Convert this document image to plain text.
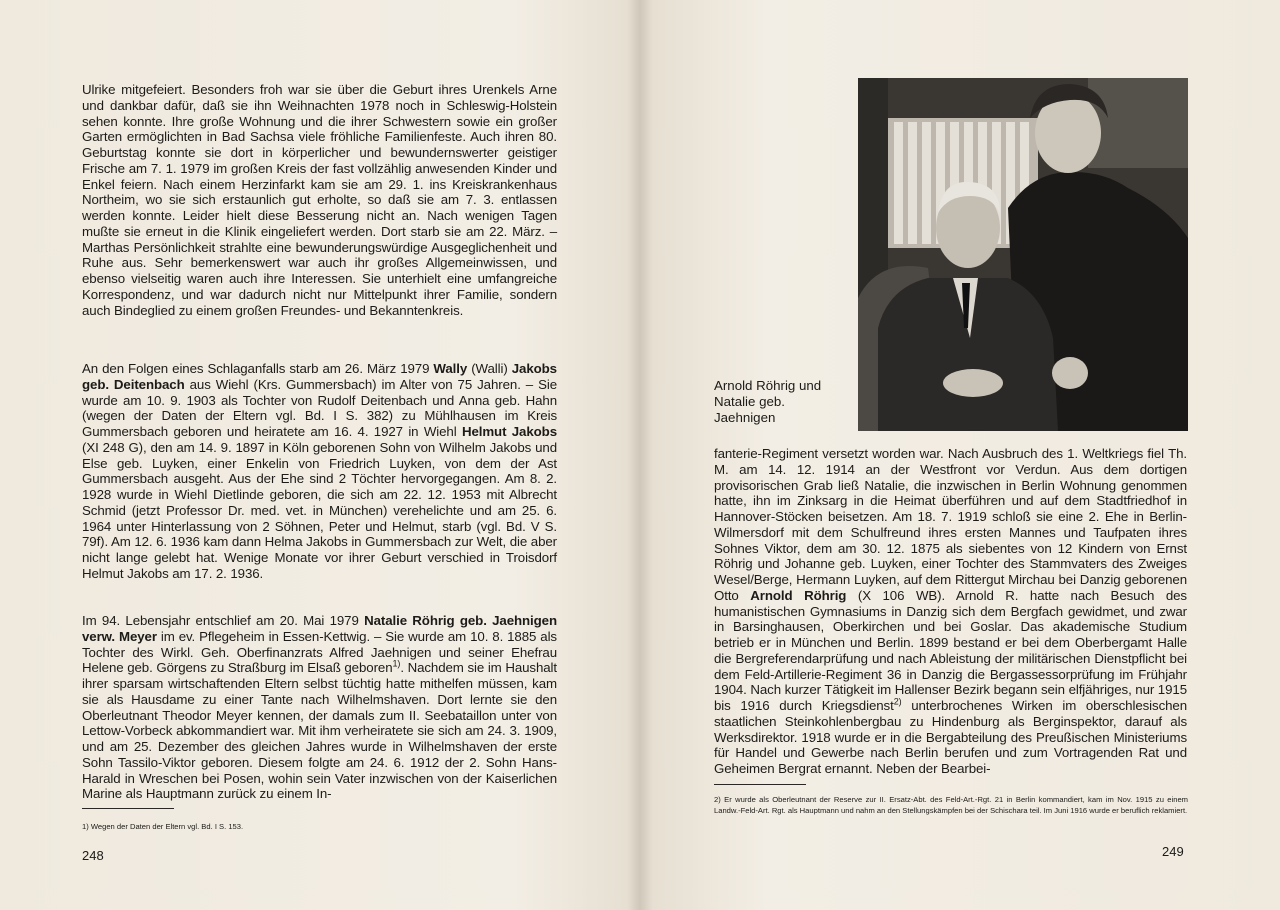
Ulrike mitgefeiert. Besonders froh war sie über die Geburt ihres Urenkels Arne und dankbar dafür, daß sie ihn Weihnachten 1978 noch in Schleswig-Holstein sehen konnte. Ihre große Wohnung und die ihrer Schwestern sowie ein großer Garten ermöglichten in Bad Sachsa viele fröhliche Familienfeste. Auch ihren 80. Geburtstag konnte sie dort in körperlicher und bewundernswerter geistiger Frische am 7. 1. 1979 im großen Kreis der fast vollzählig anwesenden Kinder und Enkel feiern. Nach einem Herzinfarkt kam sie am 29. 1. ins Kreiskrankenhaus Northeim, wo sie sich erstaunlich gut erholte, so daß sie am 7. 3. entlassen werden konnte. Leider hielt diese Besserung nicht an. Nach wenigen Tagen mußte sie erneut in die Klinik eingeliefert werden. Dort starb sie am 22. März. – Marthas Persönlichkeit strahlte eine bewunderungswürdige Ausgeglichenheit und Ruhe aus. Sehr bemerkenswert war auch ihr großes Allgemeinwissen, und ebenso vielseitig waren auch ihre Interessen. Sie unterhielt eine umfangreiche Korrespondenz, und war dadurch nicht nur Mittelpunkt ihrer Familie, sondern auch Bindeglied zu einem großen Freundes- und Bekanntenkreis.

An den Folgen eines Schlaganfalls starb am 26. März 1979 Wally (Walli) Jakobs geb. Deitenbach aus Wiehl (Krs. Gummersbach) im Alter von 75 Jahren. – Sie wurde am 10. 9. 1903 als Tochter von Rudolf Deitenbach und Anna geb. Hahn (wegen der Daten der Eltern vgl. Bd. I S. 382) zu Mühlhausen im Kreis Gummersbach geboren und heiratete am 16. 4. 1927 in Wiehl Helmut Jakobs (XI 248 G), den am 14. 9. 1897 in Köln geborenen Sohn von Wilhelm Jakobs und Else geb. Luyken, einer Enkelin von Friedrich Luyken, von dem der Ast Gummersbach ausgeht. Aus der Ehe sind 2 Töchter hervorgegangen. Am 8. 2. 1928 wurde in Wiehl Dietlinde geboren, die sich am 22. 12. 1953 mit Albrecht Schmid (jetzt Professor Dr. med. vet. in München) verehelichte und am 25. 6. 1964 unter Hinterlassung von 2 Söhnen, Peter und Helmut, starb (vgl. Bd. V S. 79f). Am 12. 6. 1936 kam dann Helma Jakobs in Gummersbach zur Welt, die aber nicht lange gelebt hat. Wenige Monate vor ihrer Geburt verschied in Troisdorf Helmut Jakobs am 17. 2. 1936.

Im 94. Lebensjahr entschlief am 20. Mai 1979 Natalie Röhrig geb. Jaehnigen verw. Meyer im ev. Pflegeheim in Essen-Kettwig. – Sie wurde am 10. 8. 1885 als Tochter des Wirkl. Geh. Oberfinanzrats Alfred Jaehnigen und seiner Ehefrau Helene geb. Görgens zu Straßburg im Elsaß geboren$^{1)}$. Nachdem sie im Haushalt ihrer sparsam wirtschaftenden Eltern selbst tüchtig hatte mithelfen müssen, kam sie als Hausdame zu einer Tante nach Wilhelmshaven. Dort lernte sie den Oberleutnant Theodor Meyer kennen, der damals zum II. Seebataillon unter von Lettow-Vorbeck abkommandiert war. Mit ihm verheiratete sie sich am 24. 3. 1909, und am 25. Dezember des gleichen Jahres wurde in Wilhelmshaven der erste Sohn Tassilo-Viktor geboren. Diesem folgte am 24. 6. 1912 der 2. Sohn Hans-Harald in Wreschen bei Posen, wohin sein Vater inzwischen von der Kaiserlichen Marine als Hauptmann zurück zu einem In-

1) Wegen der Daten der Eltern vgl. Bd. I S. 153.
248

Arnold Röhrig und Natalie geb. Jaehnigen

fanterie-Regiment versetzt worden war. Nach Ausbruch des 1. Weltkriegs fiel Th. M. am 14. 12. 1914 an der Westfront vor Verdun. Aus dem dortigen provisorischen Grab ließ Natalie, die inzwischen in Berlin Wohnung genommen hatte, ihn im Zinksarg in die Heimat überführen und auf dem Stadtfriedhof in Hannover-Stöcken beisetzen. Am 18. 7. 1919 schloß sie eine 2. Ehe in Berlin-Wilmersdorf mit dem Schulfreund ihres ersten Mannes und Taufpaten ihres Sohnes Viktor, dem am 30. 12. 1875 als siebentes von 12 Kindern von Ernst Röhrig und Johanne geb. Luyken, einer Tochter des Stammvaters des Zweiges Wesel/Berge, Hermann Luyken, auf dem Rittergut Mirchau bei Danzig geborenen Otto Arnold Röhrig (X 106 WB). Arnold R. hatte nach Besuch des humanistischen Gymnasiums in Danzig sich dem Bergfach gewidmet, und zwar in Barsinghausen, Oberkirchen und bei Goslar. Das akademische Studium betrieb er in München und Berlin. 1899 bestand er bei dem Oberbergamt Halle die Bergreferendarprüfung und nach Ableistung der militärischen Dienstpflicht bei dem Feld-Artillerie-Regiment 36 in Danzig die Bergassessorprüfung im Frühjahr 1904. Nach kurzer Tätigkeit im Hallenser Bezirk begann sein elfjähriges, nur 1915 bis 1916 durch Kriegsdienst$^{2)}$ unterbrochenes Wirken im oberschlesischen staatlichen Steinkohlenbergbau zu Hindenburg als Berginspektor, darauf als Werksdirektor. 1918 wurde er in die Bergabteilung des Preußischen Ministeriums für Handel und Gewerbe nach Berlin berufen und zum Vortragenden Rat und Geheimen Bergrat ernannt. Neben der Bearbei-

2) Er wurde als Oberleutnant der Reserve zur II. Ersatz-Abt. des Feld-Art.-Rgt. 21 in Berlin kommandiert, kam im Nov. 1915 zu einem Landw.-Feld-Art. Rgt. als Hauptmann und nahm an den Stellungskämpfen bei der Schischara teil. Im Juni 1916 wurde er beruflich reklamiert.
249
